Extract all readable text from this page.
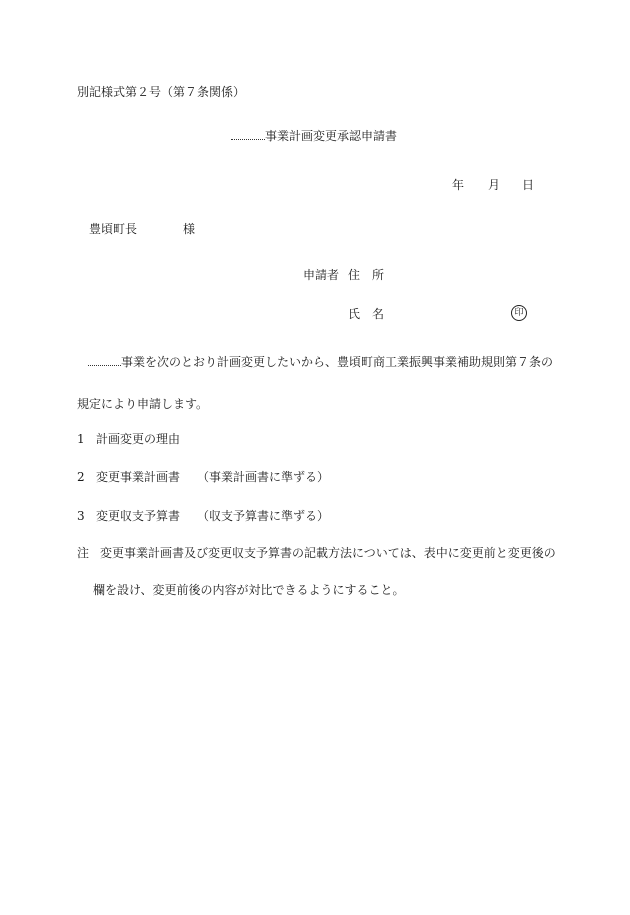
別記様式第２号（第７条関係）
事業計画変更承認申請書
年 月 日
豊頃町長	様
申請者 住　所
氏　名	印
事業を次のとおり計画変更したいから、豊頃町商工業振興事業補助規則第７条の
規定により申請します。
1 計画変更の理由
2 変更事業計画書 （事業計画書に準ずる）
3 変更収支予算書 （収支予算書に準ずる）
注 変更事業計画書及び変更収支予算書の記載方法については、表中に変更前と変更後の
欄を設け、変更前後の内容が対比できるようにすること。
